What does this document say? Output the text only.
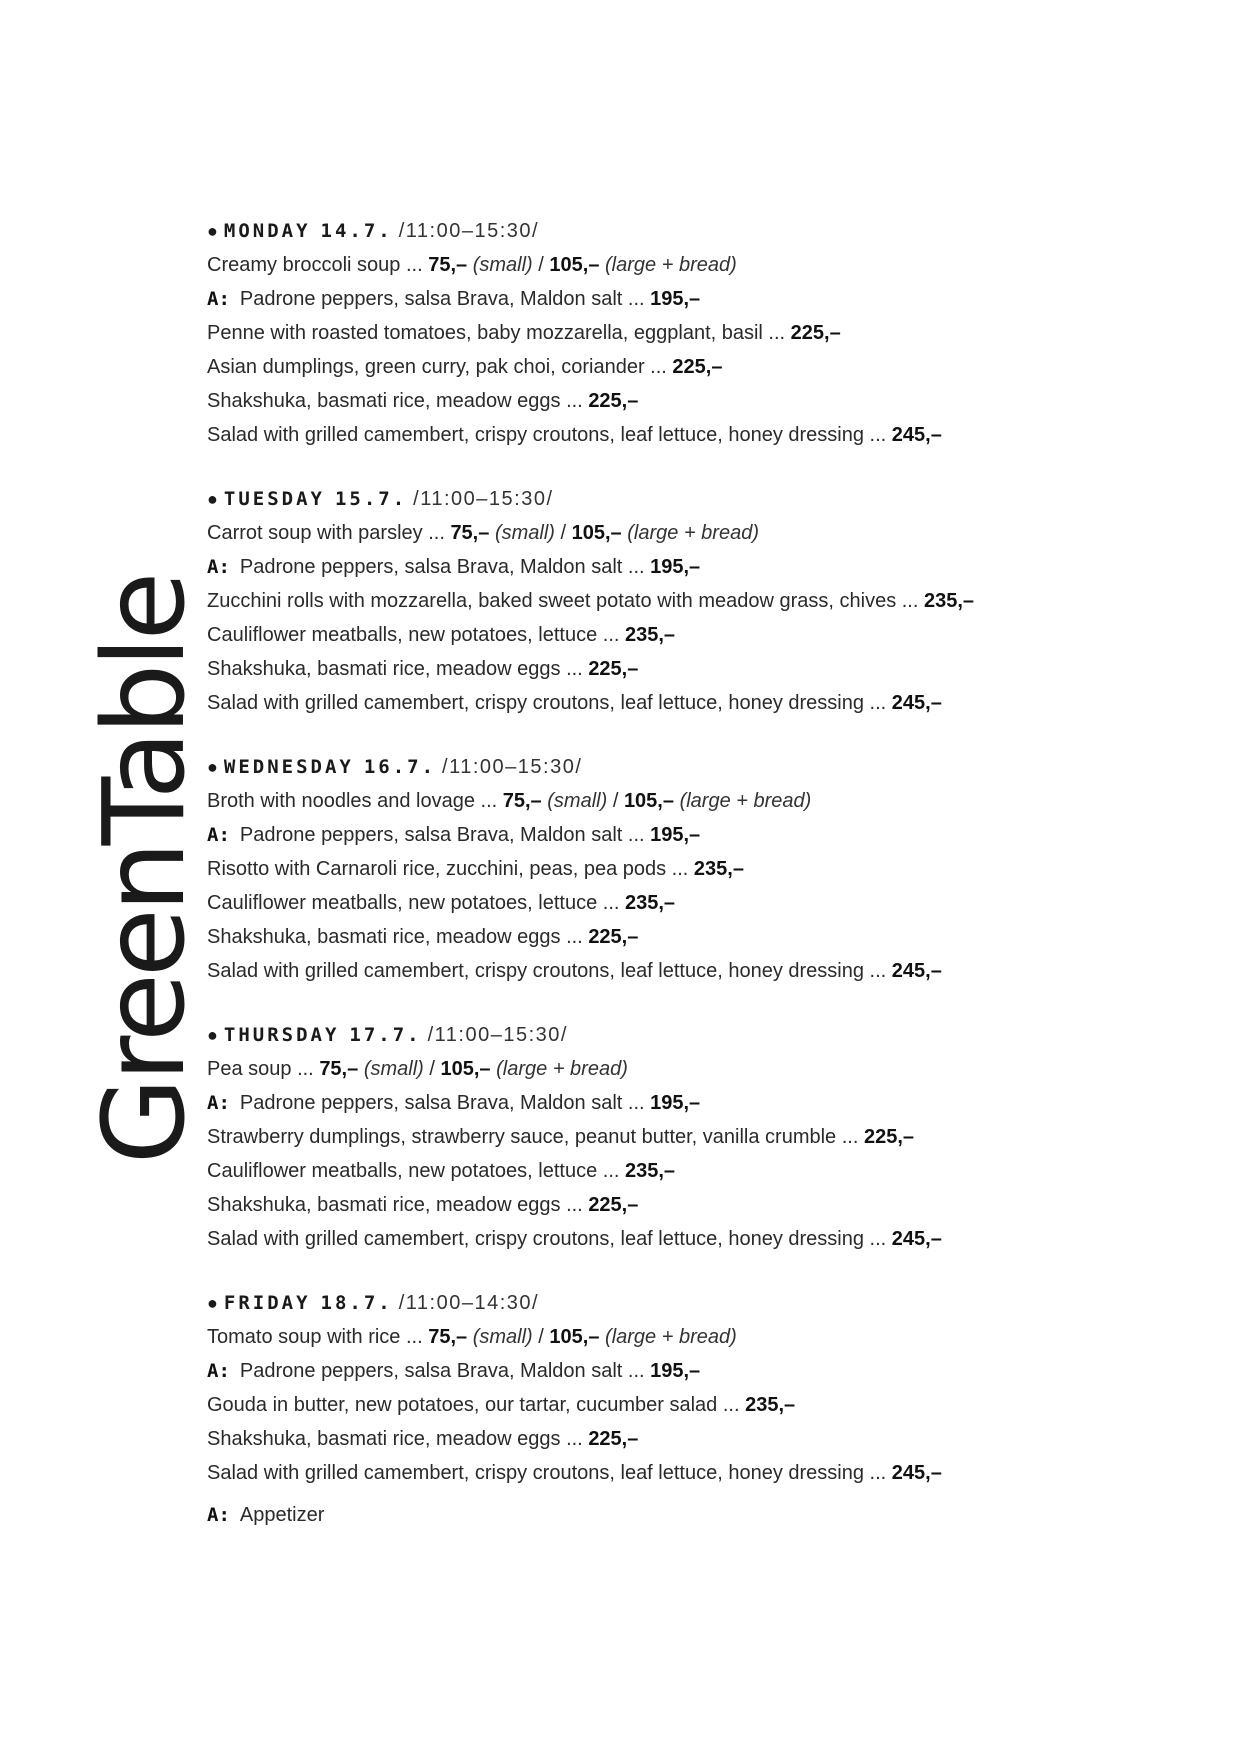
GreenTable
● MONDAY 14.7. /11:00–15:30/
Creamy broccoli soup ... 75,– (small) / 105,– (large + bread)
A: Padrone peppers, salsa Brava, Maldon salt ... 195,–
Penne with roasted tomatoes, baby mozzarella, eggplant, basil ... 225,–
Asian dumplings, green curry, pak choi, coriander ... 225,–
Shakshuka, basmati rice, meadow eggs ... 225,–
Salad with grilled camembert, crispy croutons, leaf lettuce, honey dressing ... 245,–
● TUESDAY 15.7. /11:00–15:30/
Carrot soup with parsley ... 75,– (small) / 105,– (large + bread)
A: Padrone peppers, salsa Brava, Maldon salt ... 195,–
Zucchini rolls with mozzarella, baked sweet potato with meadow grass, chives ... 235,–
Cauliflower meatballs, new potatoes, lettuce ... 235,–
Shakshuka, basmati rice, meadow eggs ... 225,–
Salad with grilled camembert, crispy croutons, leaf lettuce, honey dressing ... 245,–
● WEDNESDAY 16.7. /11:00–15:30/
Broth with noodles and lovage ... 75,– (small) / 105,– (large + bread)
A: Padrone peppers, salsa Brava, Maldon salt ... 195,–
Risotto with Carnaroli rice, zucchini, peas, pea pods ... 235,–
Cauliflower meatballs, new potatoes, lettuce ... 235,–
Shakshuka, basmati rice, meadow eggs ... 225,–
Salad with grilled camembert, crispy croutons, leaf lettuce, honey dressing ... 245,–
● THURSDAY 17.7. /11:00–15:30/
Pea soup ... 75,– (small) / 105,– (large + bread)
A: Padrone peppers, salsa Brava, Maldon salt ... 195,–
Strawberry dumplings, strawberry sauce, peanut butter, vanilla crumble ... 225,–
Cauliflower meatballs, new potatoes, lettuce ... 235,–
Shakshuka, basmati rice, meadow eggs ... 225,–
Salad with grilled camembert, crispy croutons, leaf lettuce, honey dressing ... 245,–
● FRIDAY 18.7. /11:00–14:30/
Tomato soup with rice ... 75,– (small) / 105,– (large + bread)
A: Padrone peppers, salsa Brava, Maldon salt ... 195,–
Gouda in butter, new potatoes, our tartar, cucumber salad ... 235,–
Shakshuka, basmati rice, meadow eggs ... 225,–
Salad with grilled camembert, crispy croutons, leaf lettuce, honey dressing ... 245,–
A: Appetizer
